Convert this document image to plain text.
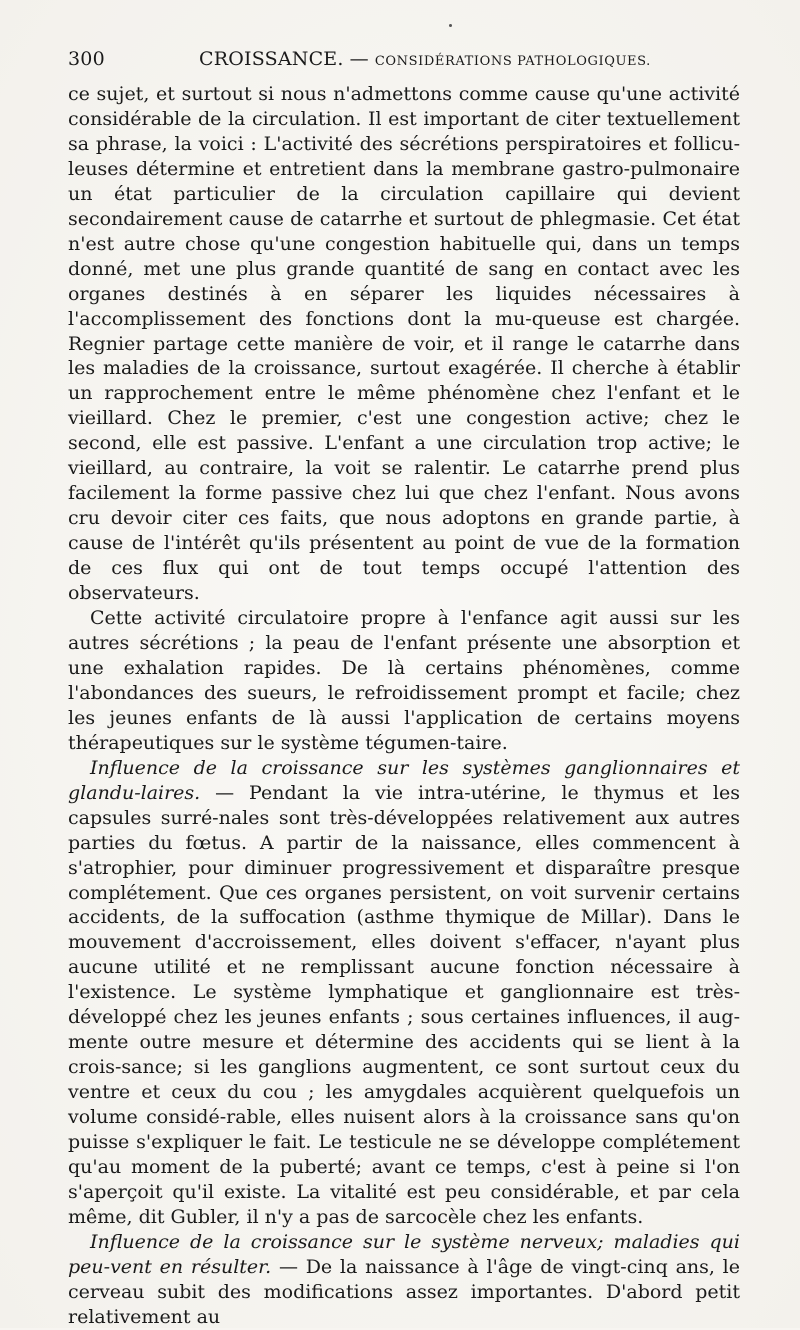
300	CROISSANCE. — CONSIDÉRATIONS PATHOLOGIQUES.

ce sujet, et surtout si nous n'admettons comme cause qu'une activité considérable de la circulation. Il est important de citer textuellement sa phrase, la voici : L'activité des sécrétions perspiratoires et follicu-leuses détermine et entretient dans la membrane gastro-pulmonaire un état particulier de la circulation capillaire qui devient secondairement cause de catarrhe et surtout de phlegmasie. Cet état n'est autre chose qu'une congestion habituelle qui, dans un temps donné, met une plus grande quantité de sang en contact avec les organes destinés à en séparer les liquides nécessaires à l'accomplissement des fonctions dont la mu-queuse est chargée. Regnier partage cette manière de voir, et il range le catarrhe dans les maladies de la croissance, surtout exagérée. Il cherche à établir un rapprochement entre le même phénomène chez l'enfant et le vieillard. Chez le premier, c'est une congestion active; chez le second, elle est passive. L'enfant a une circulation trop active; le vieillard, au contraire, la voit se ralentir. Le catarrhe prend plus facilement la forme passive chez lui que chez l'enfant. Nous avons cru devoir citer ces faits, que nous adoptons en grande partie, à cause de l'intérêt qu'ils présentent au point de vue de la formation de ces flux qui ont de tout temps occupé l'attention des observateurs.

Cette activité circulatoire propre à l'enfance agit aussi sur les autres sécrétions ; la peau de l'enfant présente une absorption et une exhalation rapides. De là certains phénomènes, comme l'abondances des sueurs, le refroidissement prompt et facile; chez les jeunes enfants de là aussi l'application de certains moyens thérapeutiques sur le système tégumen-taire.

Influence de la croissance sur les systèmes ganglionnaires et glandu-laires. — Pendant la vie intra-utérine, le thymus et les capsules surré-nales sont très-développées relativement aux autres parties du fœtus. A partir de la naissance, elles commencent à s'atrophier, pour diminuer progressivement et disparaître presque complétement. Que ces organes persistent, on voit survenir certains accidents, de la suffocation (asthme thymique de Millar). Dans le mouvement d'accroissement, elles doivent s'effacer, n'ayant plus aucune utilité et ne remplissant aucune fonction nécessaire à l'existence. Le système lymphatique et ganglionnaire est très-développé chez les jeunes enfants ; sous certaines influences, il aug-mente outre mesure et détermine des accidents qui se lient à la crois-sance; si les ganglions augmentent, ce sont surtout ceux du ventre et ceux du cou ; les amygdales acquièrent quelquefois un volume considé-rable, elles nuisent alors à la croissance sans qu'on puisse s'expliquer le fait. Le testicule ne se développe complétement qu'au moment de la puberté; avant ce temps, c'est à peine si l'on s'aperçoit qu'il existe. La vitalité est peu considérable, et par cela même, dit Gubler, il n'y a pas de sarcocèle chez les enfants.

Influence de la croissance sur le système nerveux; maladies qui peu-vent en résulter. — De la naissance à l'âge de vingt-cinq ans, le cerveau subit des modifications assez importantes. D'abord petit relativement au
